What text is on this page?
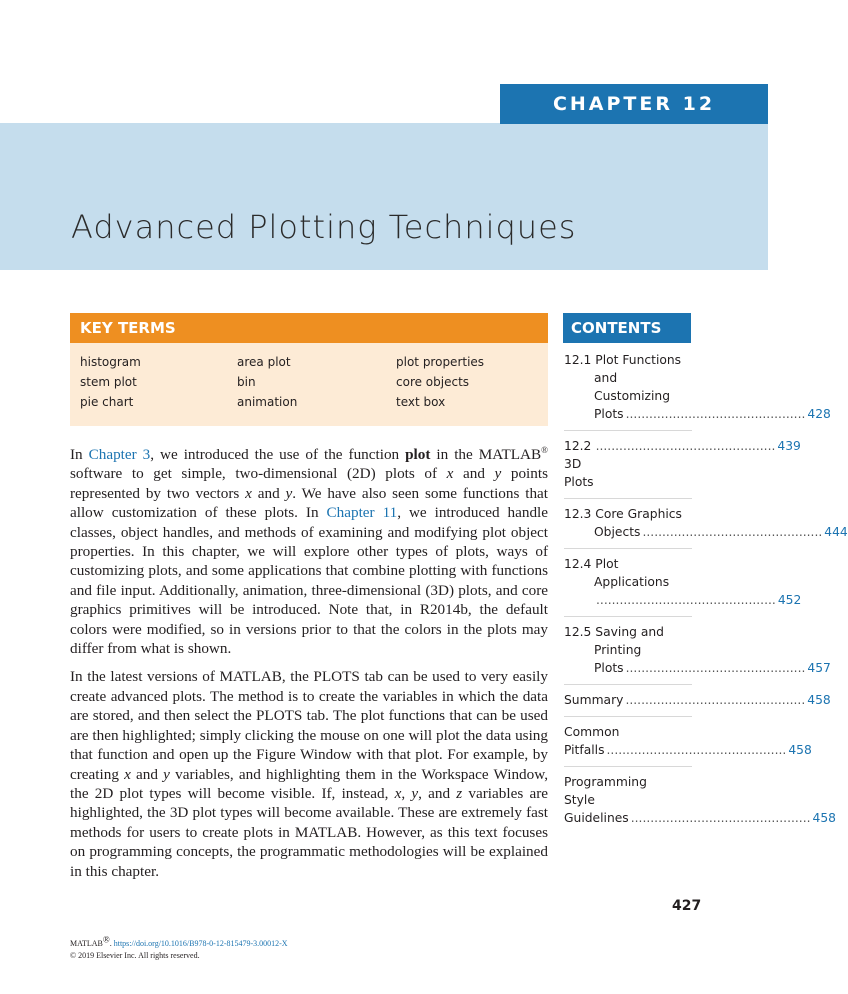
CHAPTER 12
Advanced Plotting Techniques
KEY TERMS
histogram
stem plot
pie chart
area plot
bin
animation
plot properties
core objects
text box

In Chapter 3, we introduced the use of the function plot in the MATLAB® software to get simple, two-dimensional (2D) plots of x and y points represented by two vectors x and y. We have also seen some functions that allow customization of these plots. In Chapter 11, we introduced handle classes, object handles, and methods of examining and modifying plot object properties. In this chapter, we will explore other types of plots, ways of customizing plots, and some applications that combine plotting with functions and file input. Additionally, animation, three-dimensional (3D) plots, and core graphics primitives will be introduced. Note that, in R2014b, the default colors were modified, so in versions prior to that the colors in the plots may differ from what is shown.

In the latest versions of MATLAB, the PLOTS tab can be used to very easily create advanced plots. The method is to create the variables in which the data are stored, and then select the PLOTS tab. The plot functions that can be used are then highlighted; simply clicking the mouse on one will plot the data using that function and open up the Figure Window with that plot. For example, by creating x and y variables, and highlighting them in the Workspace Window, the 2D plot types will become visible. If, instead, x, y, and z variables are highlighted, the 3D plot types will become available. These are extremely fast methods for users to create plots in MATLAB. However, as this text focuses on programming concepts, the programmatic methodologies will be explained in this chapter.

CONTENTS
12.1 Plot Functions
and
Customizing
Plots .............................................. 428
12.2 3D Plots
.............................................. 439
12.3 Core Graphics
Objects .............................................. 444
12.4 Plot
Applications
.............................................. 452
12.5 Saving and
Printing
Plots .............................................. 457
Summary .............................................. 458
Common
Pitfalls .............................................. 458
Programming
Style
Guidelines .............................................. 458
427
MATLAB®. https://doi.org/10.1016/B978-0-12-815479-3.00012-X
© 2019 Elsevier Inc. All rights reserved.
